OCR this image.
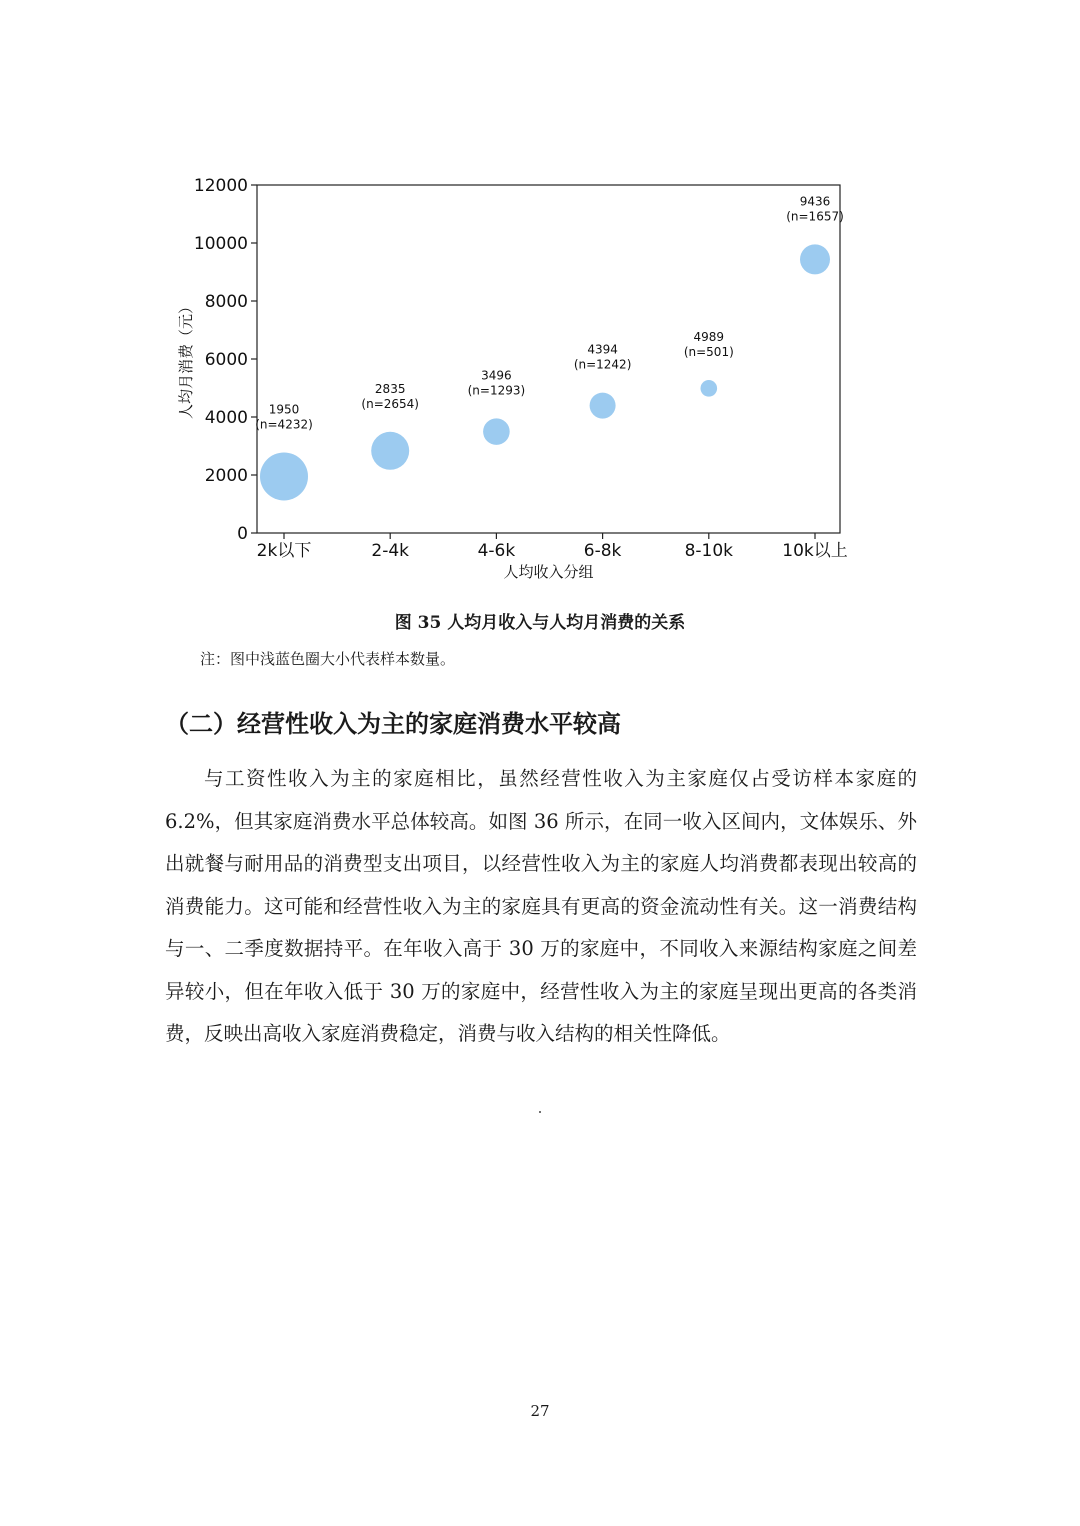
0
2000
4000
6000
8000
10000
12000
2k以下	2-4k	4-6k	6-8k	8-10k	10k以上
1950
(n=4232)
2835
(n=2654)
3496
(n=1293)
4394
(n=1242)
4989
(n=501)
9436
(n=1657)
人均收入分组
人均月消费（元）
图 35 人均月收入与人均月消费的关系
注：图中浅蓝色圈大小代表样本数量。
（二）经营性收入为主的家庭消费水平较高
与工资性收入为主的家庭相比，虽然经营性收入为主家庭仅占受访样本家庭的 6.2%，但其家庭消费水平总体较高。如图 36 所示，在同一收入区间内，文体娱乐、外出就餐与耐用品的消费型支出项目，以经营性收入为主的家庭人均消费都表现出较高的消费能力。这可能和经营性收入为主的家庭具有更高的资金流动性有关。这一消费结构与一、二季度数据持平。在年收入高于 30 万的家庭中，不同收入来源结构家庭之间差异较小，但在年收入低于 30 万的家庭中，经营性收入为主的家庭呈现出更高的各类消费，反映出高收入家庭消费稳定，消费与收入结构的相关性降低。
27
